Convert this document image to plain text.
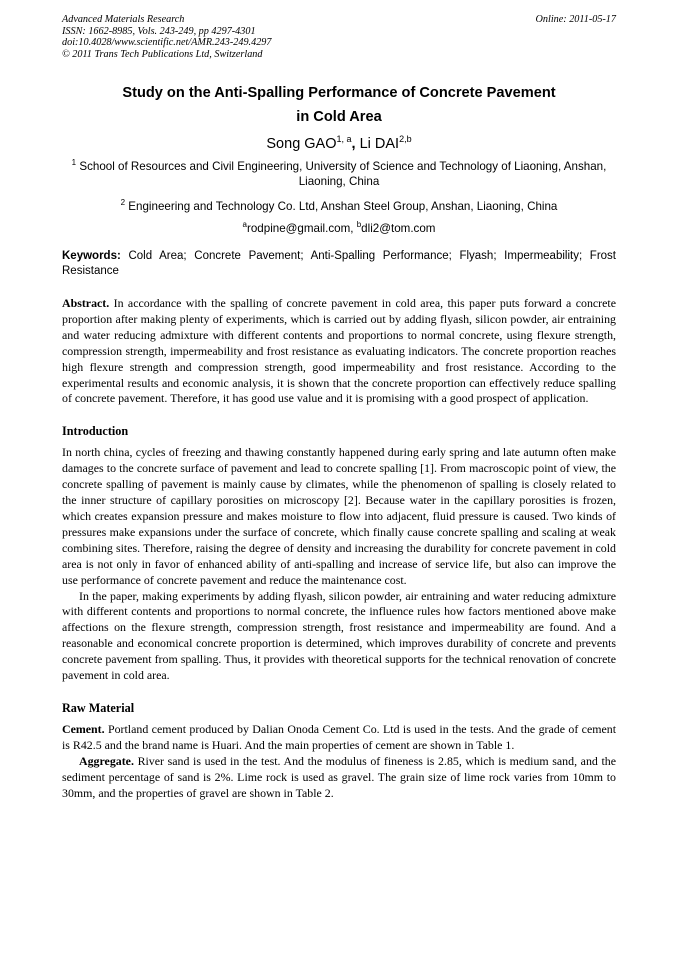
Advanced Materials Research
ISSN: 1662-8985, Vols. 243-249, pp 4297-4301
doi:10.4028/www.scientific.net/AMR.243-249.4297
© 2011 Trans Tech Publications Ltd, Switzerland
Online: 2011-05-17
Study on the Anti-Spalling Performance of Concrete Pavement
in Cold Area
Song GAO$^{1, a}$, Li DAI$^{2,b}$
$^1$ School of Resources and Civil Engineering, University of Science and Technology of Liaoning, Anshan, Liaoning, China
$^2$ Engineering and Technology Co. Ltd, Anshan Steel Group, Anshan, Liaoning, China
$^a$rodpine@gmail.com, $^b$dli2@tom.com
Keywords: Cold Area; Concrete Pavement; Anti-Spalling Performance; Flyash; Impermeability; Frost Resistance

Abstract. In accordance with the spalling of concrete pavement in cold area, this paper puts forward a concrete proportion after making plenty of experiments, which is carried out by adding flyash, silicon powder, air entraining and water reducing admixture with different contents and proportions to normal concrete, using flexure strength, compression strength, impermeability and frost resistance as evaluating indicators. The concrete proportion reaches high flexure strength and compression strength, good impermeability and frost resistance. According to the experimental results and economic analysis, it is shown that the concrete proportion can effectively reduce spalling of concrete pavement. Therefore, it has good use value and it is promising with a good prospect of application.

Introduction

In north china, cycles of freezing and thawing constantly happened during early spring and late autumn often make damages to the concrete surface of pavement and lead to concrete spalling [1]. From macroscopic point of view, the concrete spalling of pavement is mainly cause by climates, while the phenomenon of spalling is closely related to the inner structure of capillary porosities on microscopy [2]. Because water in the capillary porosities is frozen, which creates expansion pressure and makes moisture to flow into adjacent, fluid pressure is caused. Two kinds of pressures make expansions under the surface of concrete, which finally cause concrete spalling and scaling at weak combining sites. Therefore, raising the degree of density and increasing the durability for concrete pavement in cold area is not only in favor of enhanced ability of anti-spalling and increase of service life, but also can improve the use performance of concrete pavement and reduce the maintenance cost.

In the paper, making experiments by adding flyash, silicon powder, air entraining and water reducing admixture with different contents and proportions to normal concrete, the influence rules how factors mentioned above make affections on the flexure strength, compression strength, frost resistance and impermeability are found. And a reasonable and economical concrete proportion is determined, which improves durability of concrete and prevents concrete pavement from spalling. Thus, it provides with theoretical supports for the technical renovation of concrete pavement in cold area.

Raw Material

Cement. Portland cement produced by Dalian Onoda Cement Co. Ltd is used in the tests. And the grade of cement is R42.5 and the brand name is Huari. And the main properties of cement are shown in Table 1.

Aggregate. River sand is used in the test. And the modulus of fineness is 2.85, which is medium sand, and the sediment percentage of sand is 2%. Lime rock is used as gravel. The grain size of lime rock varies from 10mm to 30mm, and the properties of gravel are shown in Table 2.
